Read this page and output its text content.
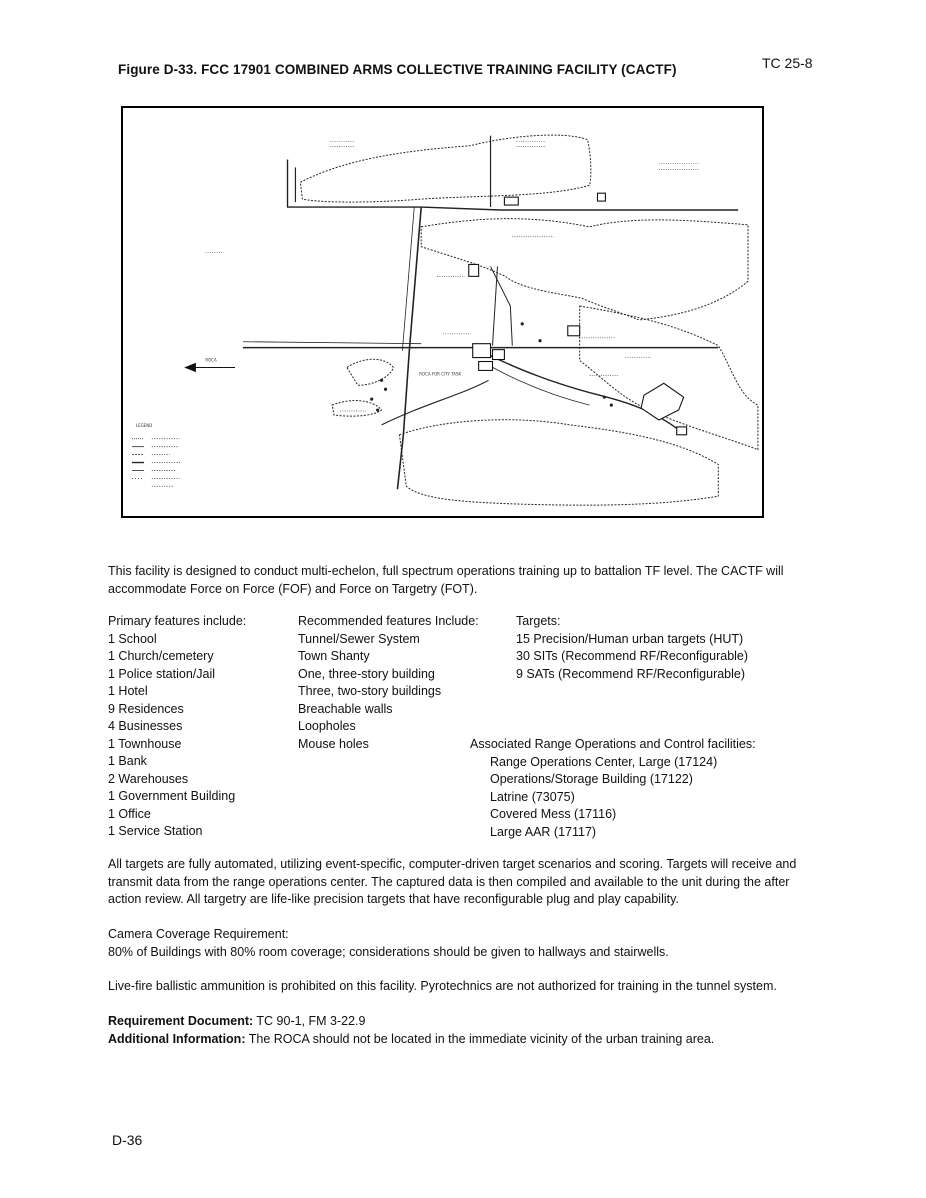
TC 25-8
Figure D-33. FCC 17901 COMBINED ARMS COLLECTIVE TRAINING FACILITY (CACTF)
ROCA
ROCA FOR CITY TASK
LEGEND
This facility is designed to conduct multi-echelon, full spectrum operations training up to battalion TF level. The CACTF will accommodate Force on Force (FOF) and Force on Targetry (FOT).
Primary features include:
1 School
1 Church/cemetery
1 Police station/Jail
1 Hotel
9 Residences
4 Businesses
1 Townhouse
1 Bank
2 Warehouses
1 Government Building
1 Office
1 Service Station
Recommended features Include:
Tunnel/Sewer System
Town Shanty
One, three-story building
Three, two-story buildings
Breachable walls
Loopholes
Mouse holes
Targets:
15 Precision/Human urban targets (HUT)
30 SITs (Recommend RF/Reconfigurable)
9 SATs (Recommend RF/Reconfigurable)
Associated Range Operations and Control facilities:
Range Operations Center, Large (17124)
Operations/Storage Building (17122)
Latrine (73075)
Covered Mess (17116)
Large AAR (17117)
All targets are fully automated, utilizing event-specific, computer-driven target scenarios and scoring. Targets will receive and transmit data from the range operations center. The captured data is then compiled and available to the unit during the after action review. All targetry are life-like precision targets that have reconfigurable plug and play capability.
Camera Coverage Requirement:
80% of Buildings with 80% room coverage; considerations should be given to hallways and stairwells.
Live-fire ballistic ammunition is prohibited on this facility. Pyrotechnics are not authorized for training in the tunnel system.
Requirement Document: TC 90-1, FM 3-22.9
Additional Information: The ROCA should not be located in the immediate vicinity of the urban training area.
D-36
